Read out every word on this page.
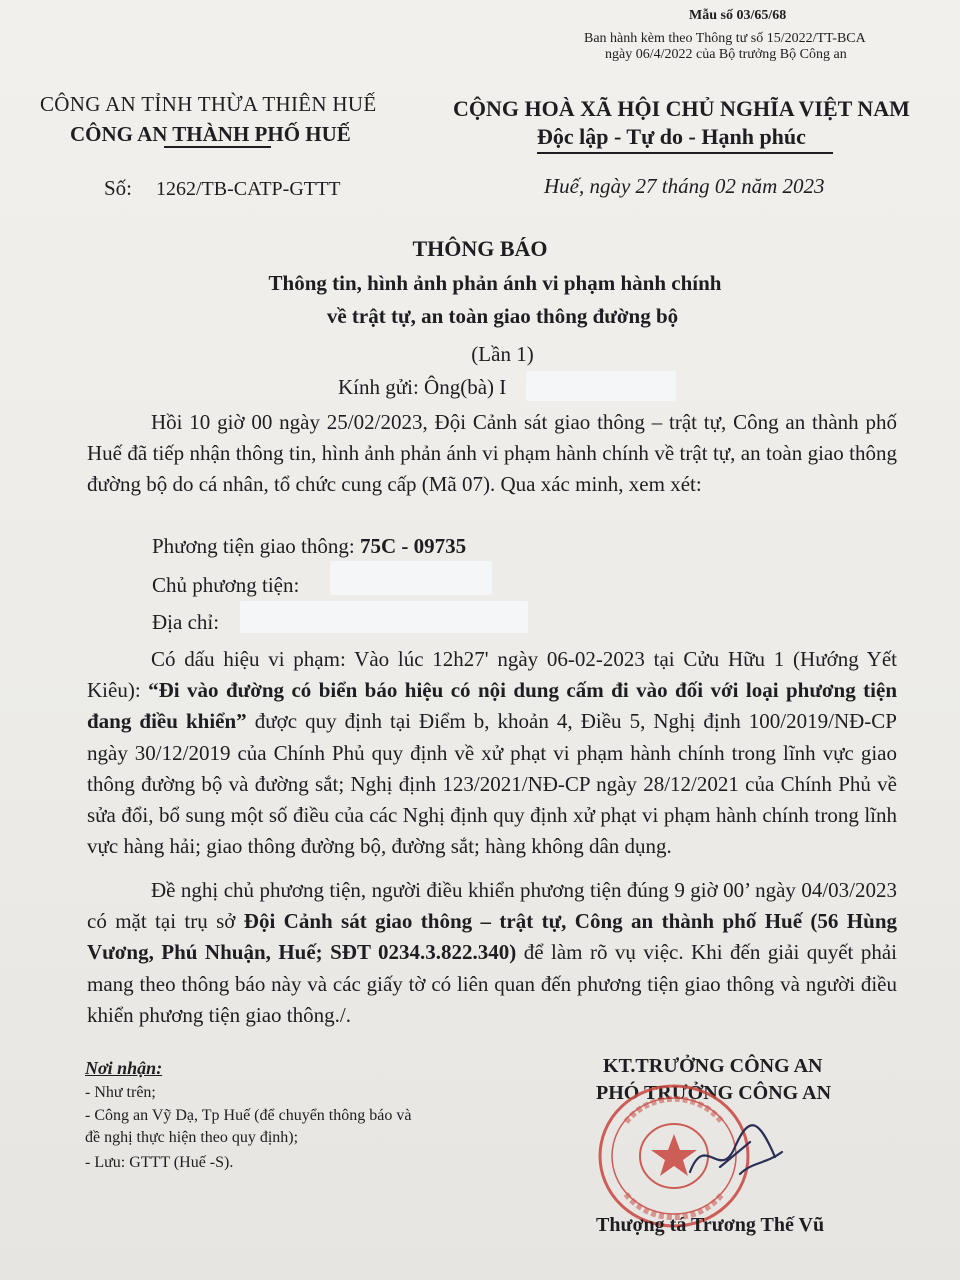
Mẫu số 03/65/68
Ban hành kèm theo Thông tư số 15/2022/TT-BCA
ngày 06/4/2022 của Bộ trưởng Bộ Công an
CÔNG AN TỈNH THỪA THIÊN HUẾ
CÔNG AN THÀNH PHỐ HUẾ
CỘNG HOÀ XÃ HỘI CHỦ NGHĨA VIỆT NAM
Độc lập - Tự do - Hạnh phúc
Số: 1262/TB-CATP-GTTT	Huế, ngày 27 tháng 02 năm 2023
THÔNG BÁO
Thông tin, hình ảnh phản ánh vi phạm hành chính
về trật tự, an toàn giao thông đường bộ
(Lần 1)
Kính gửi: Ông(bà) I
Hồi 10 giờ 00 ngày 25/02/2023, Đội Cảnh sát giao thông – trật tự, Công an thành phố Huế đã tiếp nhận thông tin, hình ảnh phản ánh vi phạm hành chính về trật tự, an toàn giao thông đường bộ do cá nhân, tổ chức cung cấp (Mã 07). Qua xác minh, xem xét:
Phương tiện giao thông: 75C - 09735
Chủ phương tiện:
Địa chỉ:
Có dấu hiệu vi phạm: Vào lúc 12h27' ngày 06-02-2023 tại Cửu Hữu 1 (Hướng Yết Kiêu): “Đi vào đường có biển báo hiệu có nội dung cấm đi vào đối với loại phương tiện đang điều khiển” được quy định tại Điểm b, khoản 4, Điều 5, Nghị định 100/2019/NĐ-CP ngày 30/12/2019 của Chính Phủ quy định về xử phạt vi phạm hành chính trong lĩnh vực giao thông đường bộ và đường sắt; Nghị định 123/2021/NĐ-CP ngày 28/12/2021 của Chính Phủ về sửa đổi, bổ sung một số điều của các Nghị định quy định xử phạt vi phạm hành chính trong lĩnh vực hàng hải; giao thông đường bộ, đường sắt; hàng không dân dụng.
Đề nghị chủ phương tiện, người điều khiển phương tiện đúng 9 giờ 00’ ngày 04/03/2023 có mặt tại trụ sở Đội Cảnh sát giao thông – trật tự, Công an thành phố Huế (56 Hùng Vương, Phú Nhuận, Huế; SĐT 0234.3.822.340) để làm rõ vụ việc. Khi đến giải quyết phải mang theo thông báo này và các giấy tờ có liên quan đến phương tiện giao thông và người điều khiển phương tiện giao thông./.
Nơi nhận:
- Như trên;
- Công an Vỹ Dạ, Tp Huế (để chuyển thông báo và
đề nghị thực hiện theo quy định);
- Lưu: GTTT (Huế -S).
KT.TRƯỞNG CÔNG AN
PHÓ TRƯỞNG CÔNG AN
Thượng tá Trương Thế Vũ
